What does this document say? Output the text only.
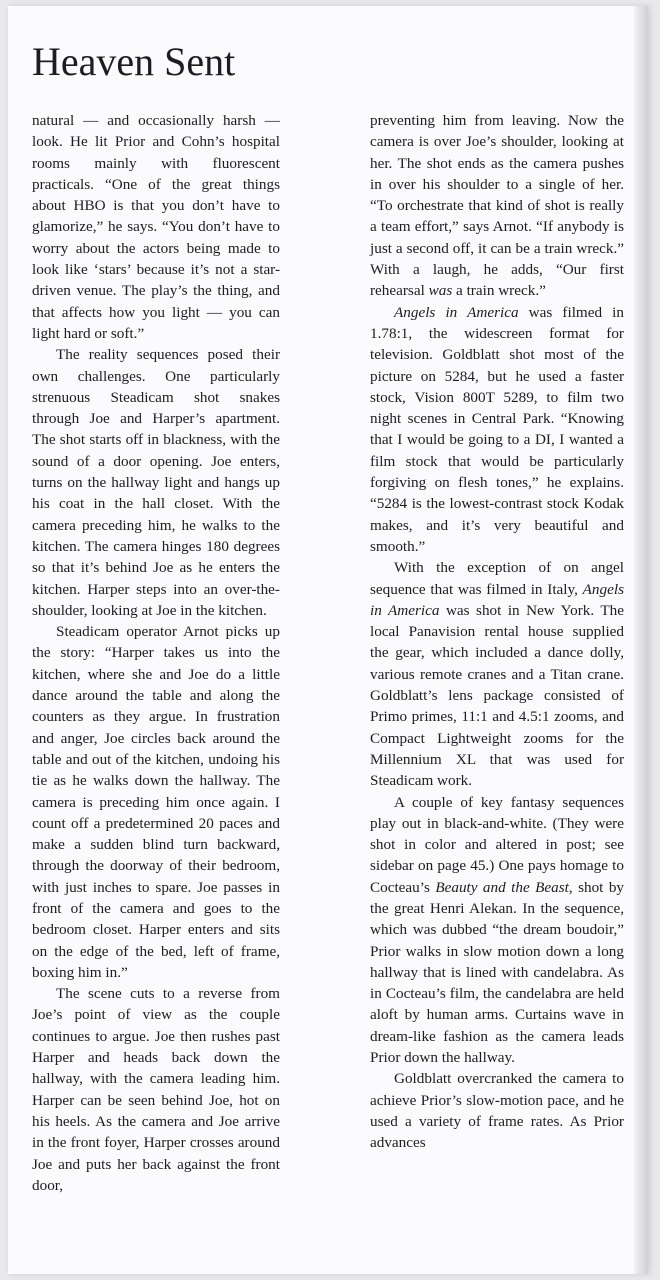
Heaven Sent

natural — and occasionally harsh — look. He lit Prior and Cohn’s hospital rooms mainly with fluorescent practicals. “One of the great things about HBO is that you don’t have to glamorize,” he says. “You don’t have to worry about the actors being made to look like ‘stars’ because it’s not a star-driven venue. The play’s the thing, and that affects how you light — you can light hard or soft.”

The reality sequences posed their own challenges. One particularly strenuous Steadicam shot snakes through Joe and Harper’s apartment. The shot starts off in blackness, with the sound of a door opening. Joe enters, turns on the hallway light and hangs up his coat in the hall closet. With the camera preceding him, he walks to the kitchen. The camera hinges 180 degrees so that it’s behind Joe as he enters the kitchen. Harper steps into an over-the-shoulder, looking at Joe in the kitchen.

Steadicam operator Arnot picks up the story: “Harper takes us into the kitchen, where she and Joe do a little dance around the table and along the counters as they argue. In frustration and anger, Joe circles back around the table and out of the kitchen, undoing his tie as he walks down the hallway. The camera is preceding him once again. I count off a predetermined 20 paces and make a sudden blind turn backward, through the doorway of their bedroom, with just inches to spare. Joe passes in front of the camera and goes to the bedroom closet. Harper enters and sits on the edge of the bed, left of frame, boxing him in.”

The scene cuts to a reverse from Joe’s point of view as the couple continues to argue. Joe then rushes past Harper and heads back down the hallway, with the camera leading him. Harper can be seen behind Joe, hot on his heels. As the camera and Joe arrive in the front foyer, Harper crosses around Joe and puts her back against the front door,

preventing him from leaving. Now the camera is over Joe’s shoulder, looking at her. The shot ends as the camera pushes in over his shoulder to a single of her. “To orchestrate that kind of shot is really a team effort,” says Arnot. “If anybody is just a second off, it can be a train wreck.” With a laugh, he adds, “Our first rehearsal was a train wreck.”

Angels in America was filmed in 1.78:1, the widescreen format for television. Goldblatt shot most of the picture on 5284, but he used a faster stock, Vision 800T 5289, to film two night scenes in Central Park. “Knowing that I would be going to a DI, I wanted a film stock that would be particularly forgiving on flesh tones,” he explains. “5284 is the lowest-contrast stock Kodak makes, and it’s very beautiful and smooth.”

With the exception of on angel sequence that was filmed in Italy, Angels in America was shot in New York. The local Panavision rental house supplied the gear, which included a dance dolly, various remote cranes and a Titan crane. Goldblatt’s lens package consisted of Primo primes, 11:1 and 4.5:1 zooms, and Compact Lightweight zooms for the Millennium XL that was used for Steadicam work.

A couple of key fantasy sequences play out in black-and-white. (They were shot in color and altered in post; see sidebar on page 45.) One pays homage to Cocteau’s Beauty and the Beast, shot by the great Henri Alekan. In the sequence, which was dubbed “the dream boudoir,” Prior walks in slow motion down a long hallway that is lined with candelabra. As in Cocteau’s film, the candelabra are held aloft by human arms. Curtains wave in dream-like fashion as the camera leads Prior down the hallway.

Goldblatt overcranked the camera to achieve Prior’s slow-motion pace, and he used a variety of frame rates. As Prior advances
